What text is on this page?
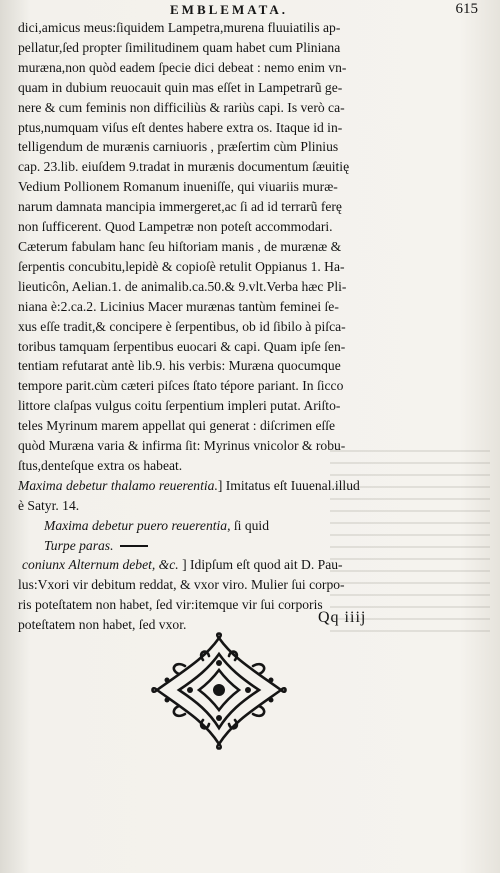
EMBLEMATA.	615
dici,amicus meus:ſiquidem Lampetra,murena fluuiatilis ap-
pellatur,ſed propter ſimilitudinem quam habet cum Pliniana
muræna,non quòd eadem ſpecie dici debeat : nemo enim vn-
quam in dubium reuocauit quin mas eſſet in Lampetrarũ ge-
nere & cum feminis non difficiliùs & rariùs capi. Is verò ca-
ptus,numquam viſus eſt dentes habere extra os. Itaque id in-
telligendum de murænis carniuoris , præſertim cùm Plinius
cap. 23.lib. eiuſdem 9.tradat in murænis documentum ſæuitię
Vedium Pollionem Romanum inueniſſe, qui viuariis muræ-
narum damnata mancipia immergeret,ac ſi ad id terrarũ ferę
non ſufficerent. Quod Lampetræ non poteſt accommodari.
Cæterum fabulam hanc ſeu hiſtoriam manis , de murænæ &
ſerpentis concubitu,lepidè & copioſè retulit Oppianus 1. Ha-
lieuticôn, Aelian.1. de animalib.ca.50.& 9.vlt.Verba hæc Pli-
niana è:2.ca.2. Licinius Macer murænas tantùm feminei ſe-
xus eſſe tradit,& concipere è ſerpentibus, ob id ſibilo à piſca-
toribus tamquam ſerpentibus euocari & capi. Quam ipſe ſen-
tentiam refutarat antè lib.9. his verbis: Muræna quocumque
tempore parit.cùm cæteri piſces ſtato tépore pariant. In ſicco
littore claſpas vulgus coitu ſerpentium impleri putat. Ariſto-
teles Myrinum marem appellat qui generat : diſcrimen eſſe
quòd Muræna varia & infirma ſit: Myrinus vnicolor & robu-
ſtus,denteſque extra os habeat.
Maxima debetur thalamo reuerentia.] Imitatus eſt Iuuenal.illud
è Satyr. 14.
Maxima debetur puero reuerentia, ſi quid
Turpe paras.
coniunx Alternum debet, &c. ] Idipſum eſt quod ait D. Pau-
lus:Vxori vir debitum reddat, & vxor viro. Mulier ſui corpo-
ris poteſtatem non habet, ſed vir:itemque vir ſui corporis
poteſtatem non habet, ſed vxor.	Qq iiij
